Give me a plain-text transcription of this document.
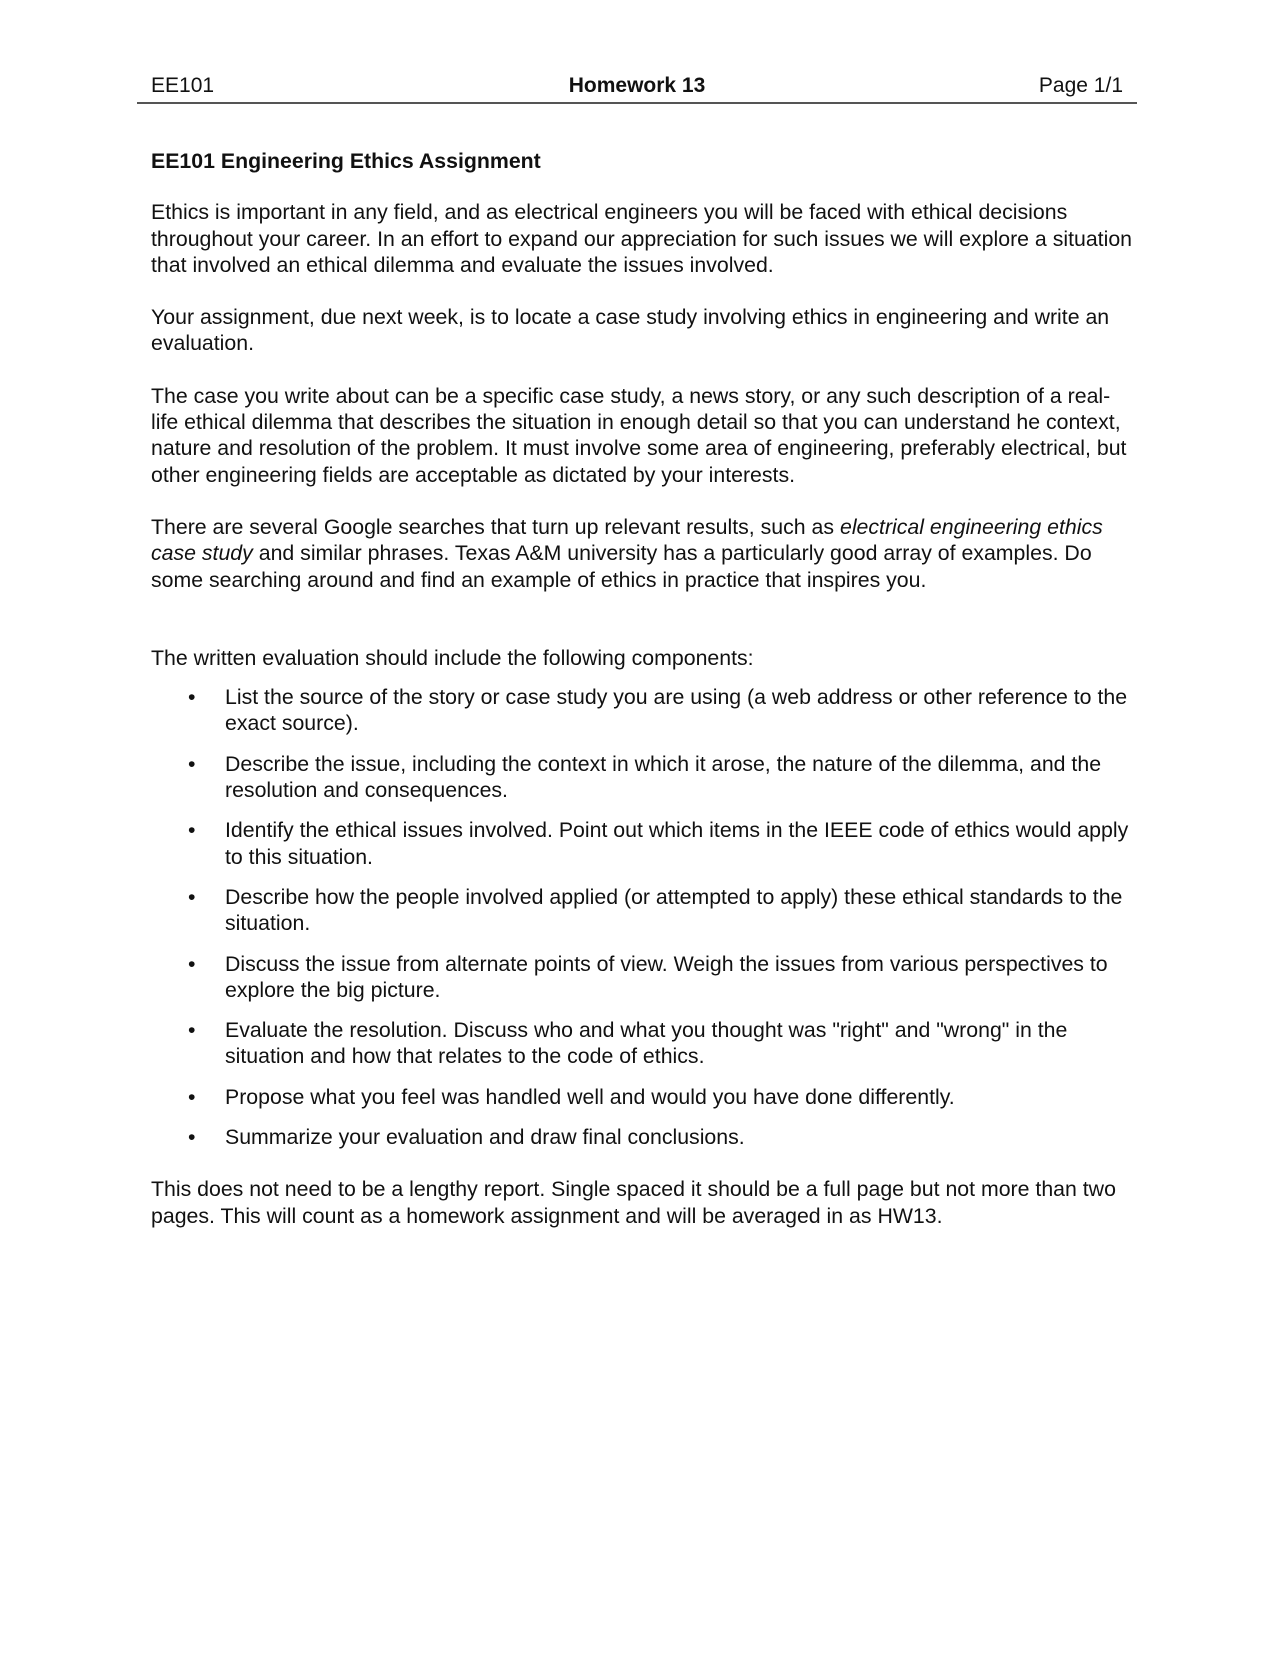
EE101	Homework 13	Page 1/1
EE101 Engineering Ethics Assignment

Ethics is important in any field, and as electrical engineers you will be faced with ethical decisions throughout your career. In an effort to expand our appreciation for such issues we will explore a situation that involved an ethical dilemma and evaluate the issues involved.

Your assignment, due next week, is to locate a case study involving ethics in engineering and write an evaluation.

The case you write about can be a specific case study, a news story, or any such description of a real-life ethical dilemma that describes the situation in enough detail so that you can understand he context, nature and resolution of the problem. It must involve some area of engineering, preferably electrical, but other engineering fields are acceptable as dictated by your interests.

There are several Google searches that turn up relevant results, such as electrical engineering ethics case study and similar phrases. Texas A&M university has a particularly good array of examples. Do some searching around and find an example of ethics in practice that inspires you.

The written evaluation should include the following components:

• List the source of the story or case study you are using (a web address or other reference to the exact source).
• Describe the issue, including the context in which it arose, the nature of the dilemma, and the resolution and consequences.
• Identify the ethical issues involved. Point out which items in the IEEE code of ethics would apply to this situation.
• Describe how the people involved applied (or attempted to apply) these ethical standards to the situation.
• Discuss the issue from alternate points of view. Weigh the issues from various perspectives to explore the big picture.
• Evaluate the resolution. Discuss who and what you thought was "right" and "wrong" in the situation and how that relates to the code of ethics.
• Propose what you feel was handled well and would you have done differently.
• Summarize your evaluation and draw final conclusions.

This does not need to be a lengthy report. Single spaced it should be a full page but not more than two pages. This will count as a homework assignment and will be averaged in as HW13.
